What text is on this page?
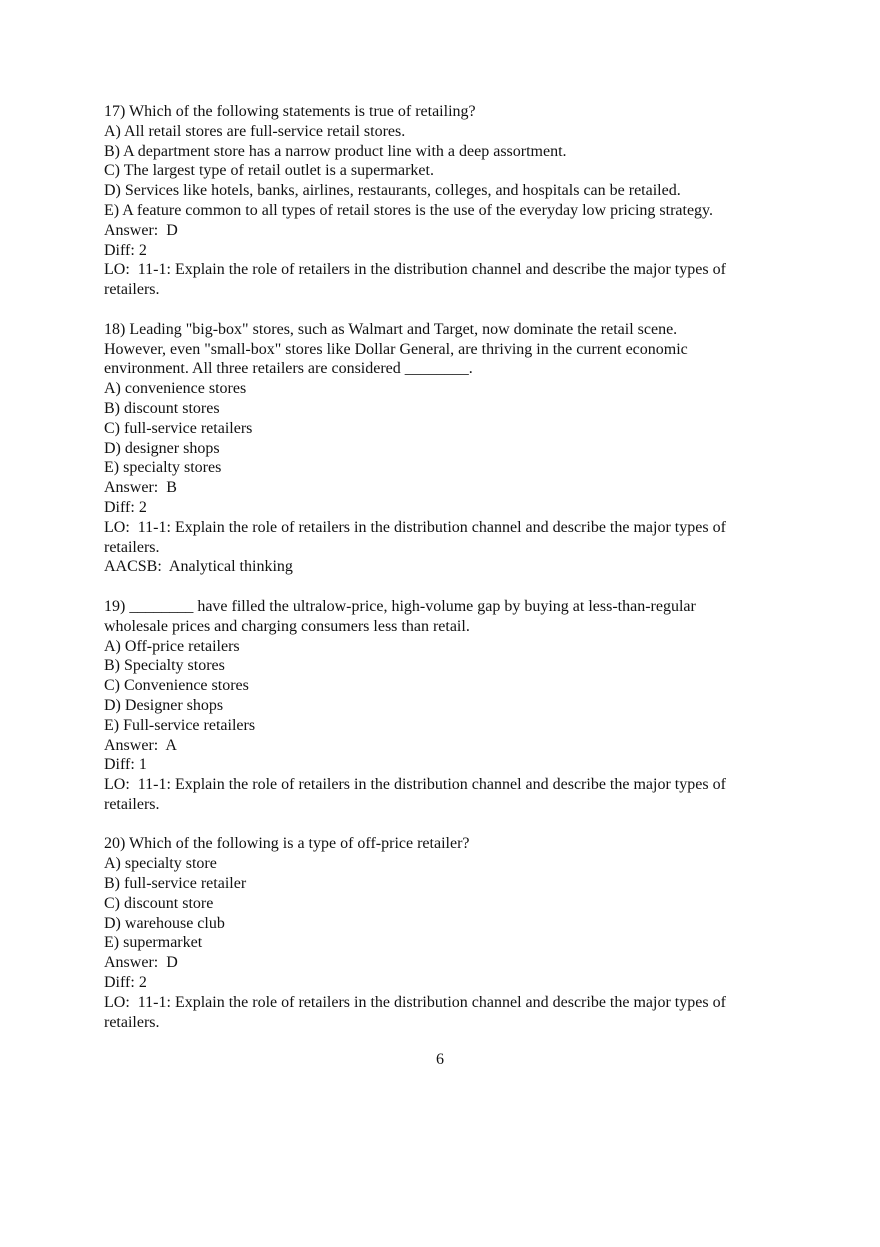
17) Which of the following statements is true of retailing?
A) All retail stores are full-service retail stores.
B) A department store has a narrow product line with a deep assortment.
C) The largest type of retail outlet is a supermarket.
D) Services like hotels, banks, airlines, restaurants, colleges, and hospitals can be retailed.
E) A feature common to all types of retail stores is the use of the everyday low pricing strategy.
Answer:  D
Diff: 2
LO:  11-1: Explain the role of retailers in the distribution channel and describe the major types of
retailers.
18) Leading "big-box" stores, such as Walmart and Target, now dominate the retail scene.
However, even "small-box" stores like Dollar General, are thriving in the current economic
environment. All three retailers are considered ________.
A) convenience stores
B) discount stores
C) full-service retailers
D) designer shops
E) specialty stores
Answer:  B
Diff: 2
LO:  11-1: Explain the role of retailers in the distribution channel and describe the major types of
retailers.
AACSB:  Analytical thinking
19) ________ have filled the ultralow-price, high-volume gap by buying at less-than-regular
wholesale prices and charging consumers less than retail.
A) Off-price retailers
B) Specialty stores
C) Convenience stores
D) Designer shops
E) Full-service retailers
Answer:  A
Diff: 1
LO:  11-1: Explain the role of retailers in the distribution channel and describe the major types of
retailers.
20) Which of the following is a type of off-price retailer?
A) specialty store
B) full-service retailer
C) discount store
D) warehouse club
E) supermarket
Answer:  D
Diff: 2
LO:  11-1: Explain the role of retailers in the distribution channel and describe the major types of
retailers.
6
